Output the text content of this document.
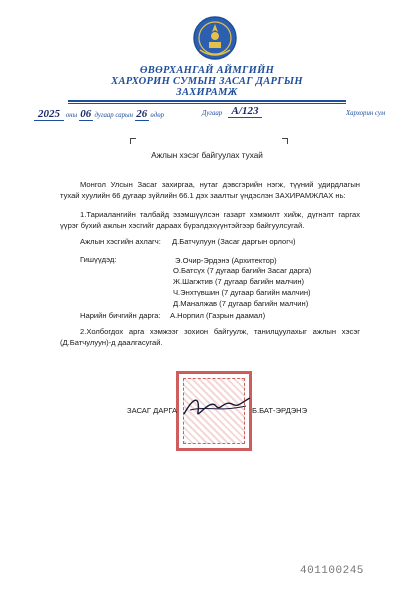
ӨВӨРХАНГАЙ АЙМГИЙН
ХАРХОРИН СУМЫН ЗАСАГ ДАРГЫН
ЗАХИРАМЖ
2025 оны 06 дугаар сарын 26 өдөр	Дугаар А/123	Хархорин сум
Ажлын хэсэг байгуулах тухай
Монгол Улсын Засаг захиргаа, нутаг дэвсгэрийн нэгж, түүний удирдлагын тухай хуулийн 66 дугаар зүйлийн 66.1 дэх заалтыг үндэслэн ЗАХИРАМЖЛАХ нь:
1.Тариалангийн талбайд эзэмшүүлсэн газарт хэмжилт хийж, дүгнэлт гаргах үүрэг бүхий ажлын хэсгийг дараах бүрэлдэхүүнтэйгээр байгуулсугай.
Ажлын хэсгийн ахлагч: Д.Батчулуун (Засаг даргын орлогч)
Гишүүдэд:	Э.Очир-Эрдэнэ (Архитектор)
О.Батсүх (7 дугаар багийн Засаг дарга)
Ж.Шагжтив (7 дугаар багийн малчин)
Ч.Энхтүвшин (7 дугаар багийн малчин)
Д.Маналжав (7 дугаар багийн малчин)
Нарийн бичгийн дарга: А.Норпил (Газрын даамал)
2.Холбогдох арга хэмжээг зохион байгуулж, танилцуулахыг ажлын хэсэг (Д.Батчулуун)-д даалгасугай.
ЗАСАГ ДАРГА	Б.БАТ-ЭРДЭНЭ
401100245
